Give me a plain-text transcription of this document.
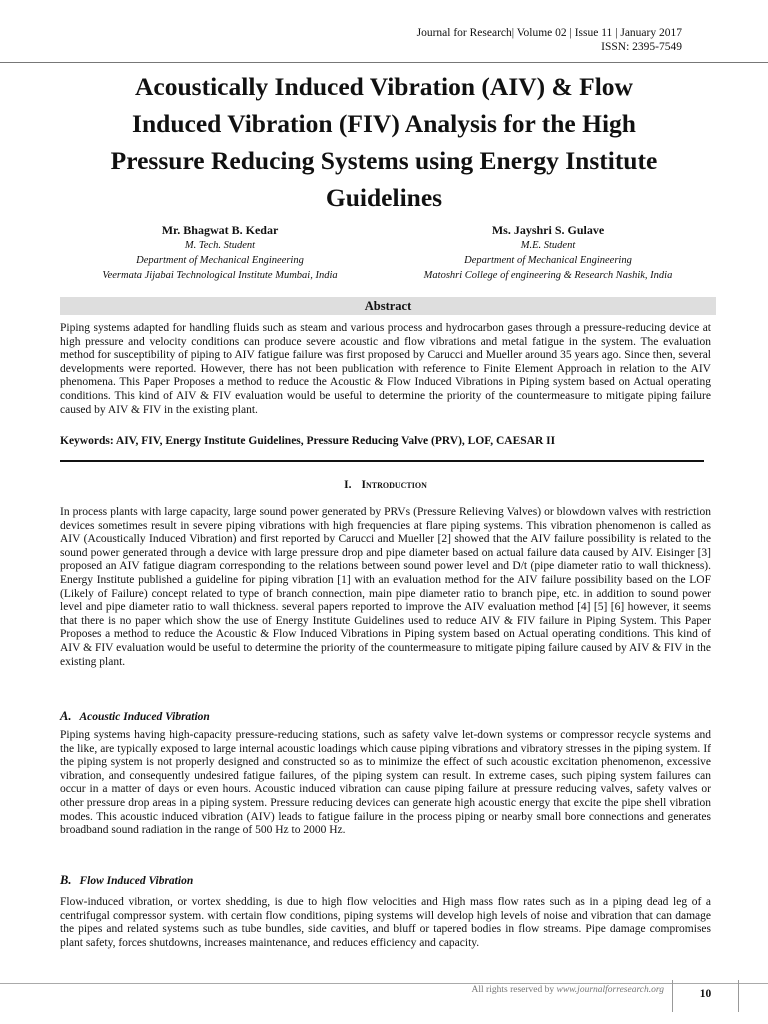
Journal for Research| Volume 02 | Issue 11 | January 2017
ISSN: 2395-7549
Acoustically Induced Vibration (AIV) & Flow
Induced Vibration (FIV) Analysis for the High
Pressure Reducing Systems using Energy Institute
Guidelines
Mr. Bhagwat B. Kedar
M. Tech. Student
Department of Mechanical Engineering
Veermata Jijabai Technological Institute Mumbai, India
Ms. Jayshri S. Gulave
M.E. Student
Department of Mechanical Engineering
Matoshri College of engineering & Research Nashik, India
Abstract
Piping systems adapted for handling fluids such as steam and various process and hydrocarbon gases through a pressure-reducing device at high pressure and velocity conditions can produce severe acoustic and flow vibrations and metal fatigue in the system. The evaluation method for susceptibility of piping to AIV fatigue failure was first proposed by Carucci and Mueller around 35 years ago. Since then, several developments were reported. However, there has not been publication with reference to Finite Element Approach in relation to the AIV phenomena. This Paper Proposes a method to reduce the Acoustic & Flow Induced Vibrations in Piping system based on Actual operating conditions. This kind of AIV & FIV evaluation would be useful to determine the priority of the countermeasure to mitigate piping failure caused by AIV & FIV in the existing plant.
Keywords: AIV, FIV, Energy Institute Guidelines, Pressure Reducing Valve (PRV), LOF, CAESAR II
I. Introduction
In process plants with large capacity, large sound power generated by PRVs (Pressure Relieving Valves) or blowdown valves with restriction devices sometimes result in severe piping vibrations with high frequencies at flare piping systems. This vibration phenomenon is called as AIV (Acoustically Induced Vibration) and first reported by Carucci and Mueller [2] showed that the AIV failure possibility is related to the sound power generated through a device with large pressure drop and pipe diameter based on actual failure data caused by AIV. Eisinger [3] proposed an AIV fatigue diagram corresponding to the relations between sound power level and D/t (pipe diameter ratio to wall thickness). Energy Institute published a guideline for piping vibration [1] with an evaluation method for the AIV failure possibility based on the LOF (Likely of Failure) concept related to type of branch connection, main pipe diameter ratio to branch pipe, etc. in addition to sound power level and pipe diameter ratio to wall thickness. several papers reported to improve the AIV evaluation method [4] [5] [6] however, it seems that there is no paper which show the use of Energy Institute Guidelines used to reduce AIV & FIV failure in Piping System. This Paper Proposes a method to reduce the Acoustic & Flow Induced Vibrations in Piping system based on Actual operating conditions. This kind of AIV & FIV evaluation would be useful to determine the priority of the countermeasure to mitigate piping failure caused by AIV & FIV in the existing plant.
A. Acoustic Induced Vibration
Piping systems having high-capacity pressure-reducing stations, such as safety valve let-down systems or compressor recycle systems and the like, are typically exposed to large internal acoustic loadings which cause piping vibrations and vibratory stresses in the piping system. If the piping system is not properly designed and constructed so as to minimize the effect of such acoustic excitation phenomenon, excessive vibration, and consequently undesired fatigue failures, of the piping system can result. In extreme cases, such piping system failures can occur in a matter of days or even hours. Acoustic induced vibration can cause piping failure at pressure reducing valves, safety valves or other pressure drop areas in a piping system. Pressure reducing devices can generate high acoustic energy that excite the pipe shell vibration modes. This acoustic induced vibration (AIV) leads to fatigue failure in the process piping or nearby small bore connections and generates broadband sound radiation in the range of 500 Hz to 2000 Hz.
B. Flow Induced Vibration
Flow-induced vibration, or vortex shedding, is due to high flow velocities and High mass flow rates such as in a piping dead leg of a centrifugal compressor system. with certain flow conditions, piping systems will develop high levels of noise and vibration that can damage the pipes and related systems such as tube bundles, side cavities, and bluff or tapered bodies in flow streams. Pipe damage compromises plant safety, forces shutdowns, increases maintenance, and reduces efficiency and capacity.
All rights reserved by www.journalforresearch.org	10
